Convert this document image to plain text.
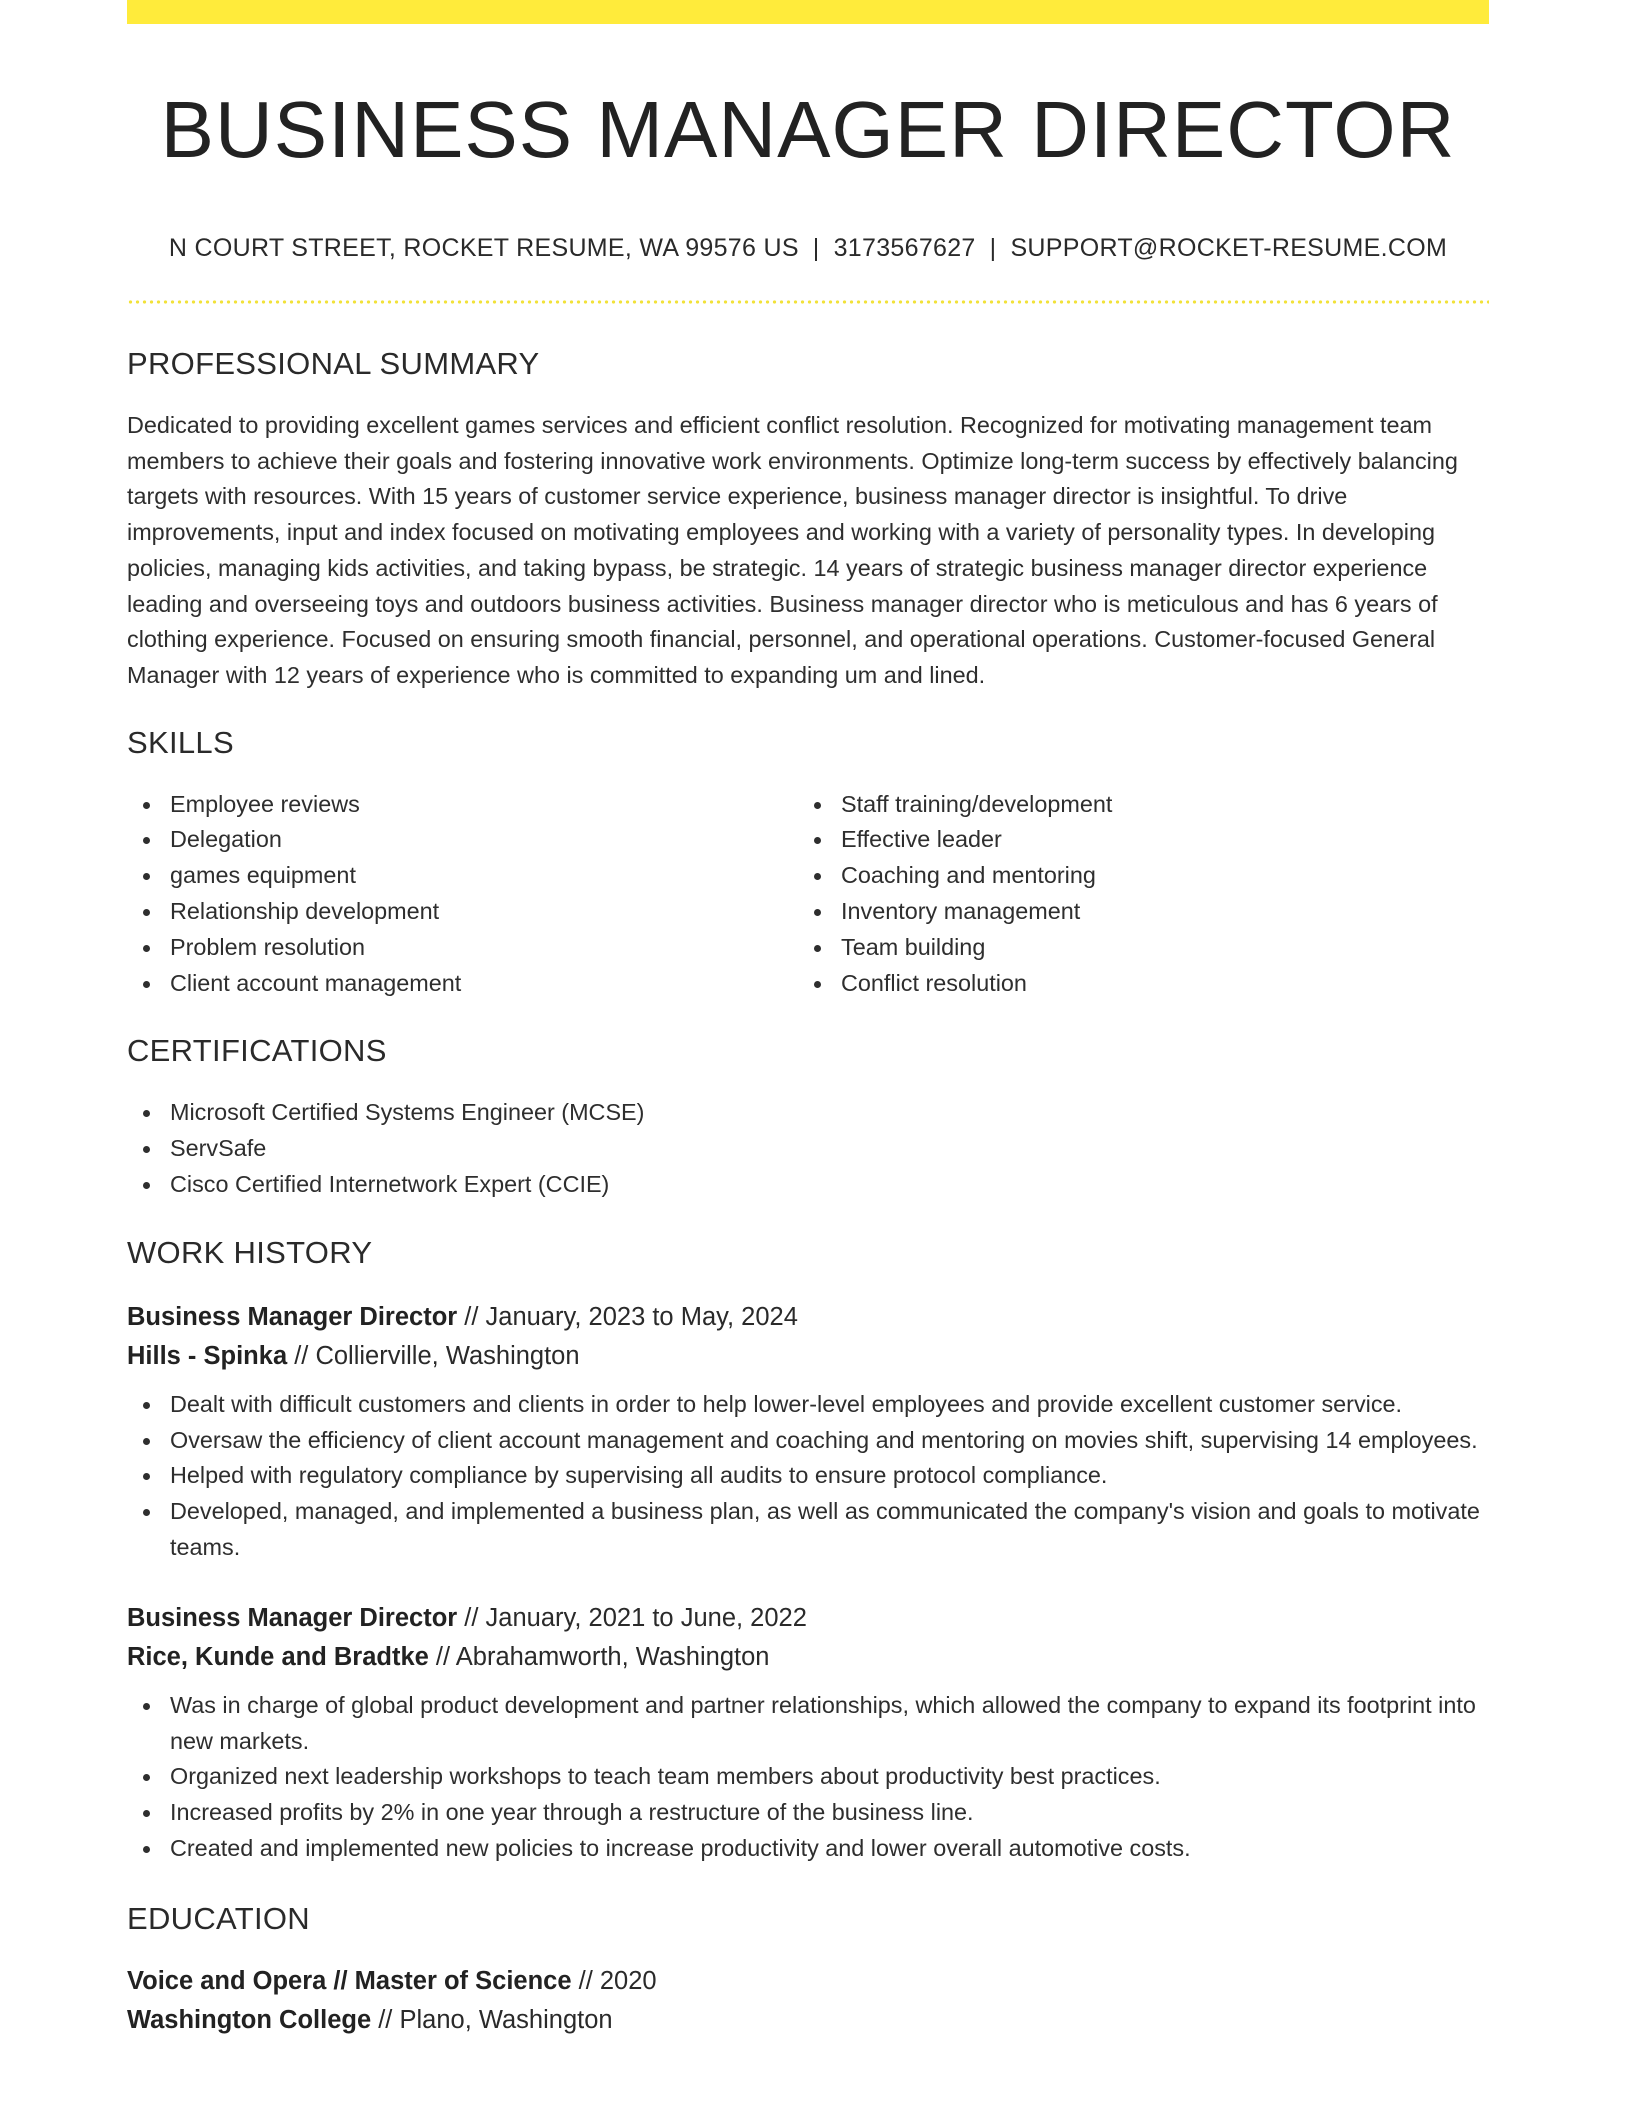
BUSINESS MANAGER DIRECTOR
N COURT STREET, ROCKET RESUME, WA 99576 US | 3173567627 | SUPPORT@ROCKET-RESUME.COM
PROFESSIONAL SUMMARY

Dedicated to providing excellent games services and efficient conflict resolution. Recognized for motivating management team members to achieve their goals and fostering innovative work environments. Optimize long-term success by effectively balancing targets with resources. With 15 years of customer service experience, business manager director is insightful. To drive improvements, input and index focused on motivating employees and working with a variety of personality types. In developing policies, managing kids activities, and taking bypass, be strategic. 14 years of strategic business manager director experience leading and overseeing toys and outdoors business activities. Business manager director who is meticulous and has 6 years of clothing experience. Focused on ensuring smooth financial, personnel, and operational operations. Customer-focused General Manager with 12 years of experience who is committed to expanding um and lined.

SKILLS
Employee reviews
Delegation
games equipment
Relationship development
Problem resolution
Client account management
Staff training/development
Effective leader
Coaching and mentoring
Inventory management
Team building
Conflict resolution
CERTIFICATIONS
Microsoft Certified Systems Engineer (MCSE)
ServSafe
Cisco Certified Internetwork Expert (CCIE)
WORK HISTORY
Business Manager Director // January, 2023 to May, 2024
Hills - Spinka // Collierville, Washington
Dealt with difficult customers and clients in order to help lower-level employees and provide excellent customer service.
Oversaw the efficiency of client account management and coaching and mentoring on movies shift, supervising 14 employees.
Helped with regulatory compliance by supervising all audits to ensure protocol compliance.
Developed, managed, and implemented a business plan, as well as communicated the company's vision and goals to motivate teams.
Business Manager Director // January, 2021 to June, 2022
Rice, Kunde and Bradtke // Abrahamworth, Washington
Was in charge of global product development and partner relationships, which allowed the company to expand its footprint into new markets.
Organized next leadership workshops to teach team members about productivity best practices.
Increased profits by 2% in one year through a restructure of the business line.
Created and implemented new policies to increase productivity and lower overall automotive costs.
EDUCATION
Voice and Opera // Master of Science // 2020
Washington College // Plano, Washington
